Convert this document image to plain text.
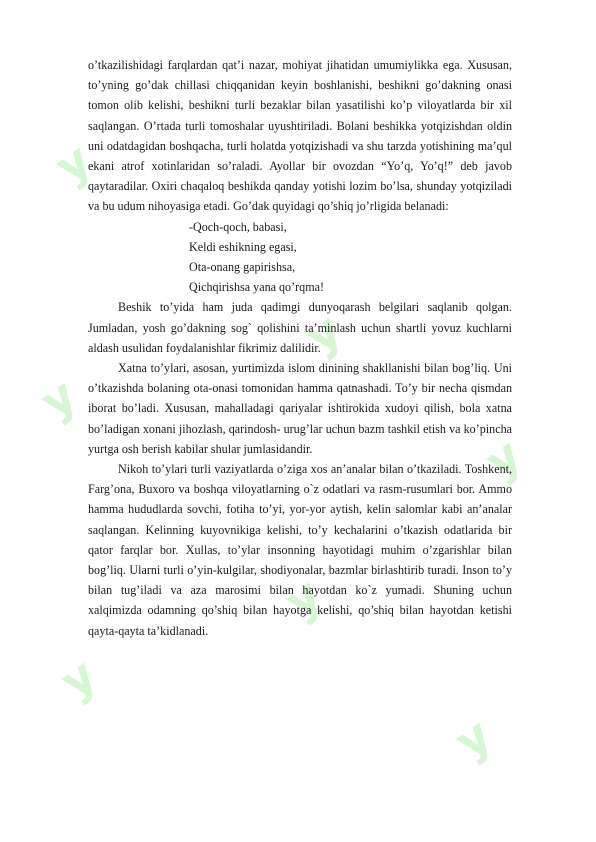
y
y
y
y
y
y
y

o’tkazilishidagi farqlardan qat’i nazar, mohiyat jihatidan umumiylikka ega. Xususan, to’yning go’dak chillasi chiqqanidan keyin boshlanishi, beshikni go’dakning onasi tomon olib kelishi, beshikni turli bezaklar bilan yasatilishi ko’p viloyatlarda bir xil saqlangan. O’rtada turli tomoshalar uyushtiriladi. Bolani beshikka yotqizishdan oldin uni odatdagidan boshqacha, turli holatda yotqizishadi va shu tarzda yotishining ma’qul ekani atrof xotinlaridan so’raladi. Ayollar bir ovozdan “Yo’q, Yo’q!” deb javob qaytaradilar. Oxiri chaqaloq beshikda qanday yotishi lozim bo’lsa, shunday yotqiziladi va bu udum nihoyasiga etadi. Go’dak quyidagi qo’shiq jo’rligida belanadi:

-Qoch-qoch, babasi,
Keldi eshikning egasi,
Ota-onang gapirishsa,
Qichqirishsa yana qo’rqma!

Beshik to’yida ham juda qadimgi dunyoqarash belgilari saqlanib qolgan. Jumladan, yosh go’dakning sog` qolishini ta’minlash uchun shartli yovuz kuchlarni aldash usulidan foydalanishlar fikrimiz dalilidir.

Xatna to’ylari, asosan, yurtimizda islom dinining shakllanishi bilan bog’liq. Uni o’tkazishda bolaning ota-onasi tomonidan hamma qatnashadi. To’y bir necha qismdan iborat bo’ladi. Xususan, mahalladagi qariyalar ishtirokida xudoyi qilish, bola xatna bo’ladigan xonani jihozlash, qarindosh- urug’lar uchun bazm tashkil etish va ko’pincha yurtga osh berish kabilar shular jumlasidandir.

Nikoh to’ylari turli vaziyatlarda o’ziga xos an’analar bilan o’tkaziladi. Toshkent, Farg’ona, Buxoro va boshqa viloyatlarning o`z odatlari va rasm-rusumlari bor. Ammo hamma hududlarda sovchi, fotiha to’yi, yor-yor aytish, kelin salomlar kabi an’analar saqlangan. Kelinning kuyovnikiga kelishi, to’y kechalarini o’tkazish odatlarida bir qator farqlar bor. Xullas, to’ylar insonning hayotidagi muhim o’zgarishlar bilan bog’liq. Ularni turli o’yin-kulgilar, shodiyonalar, bazmlar birlashtirib turadi. Inson to’y bilan tug’iladi va aza marosimi bilan hayotdan ko`z yumadi. Shuning uchun xalqimizda odamning qo’shiq bilan hayotga kelishi, qo’shiq bilan hayotdan ketishi qayta-qayta ta’kidlanadi.
